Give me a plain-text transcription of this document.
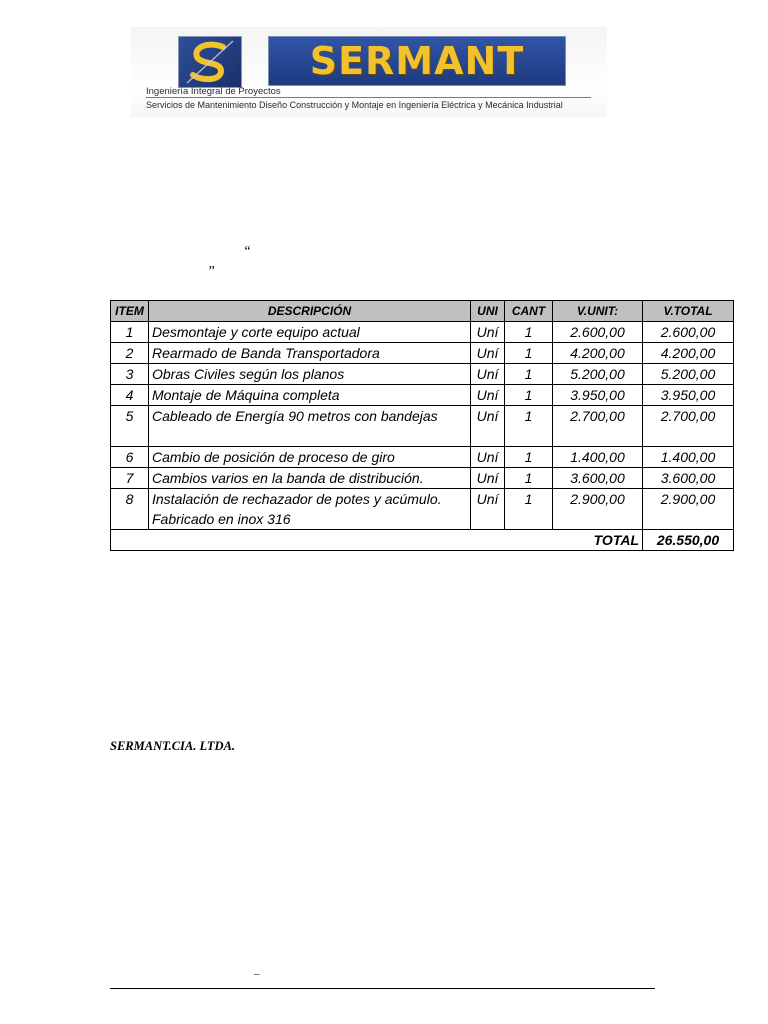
SERMANT
Ingeniería Integral de Proyectos
Servicios de Mantenimiento Diseño Construcción y Montaje en Ingeniería Eléctrica y Mecánica Industrial
“
”
ITEM	DESCRIPCIÓN	UNI	CANT	V.UNIT:	V.TOTAL
1	Desmontaje y corte equipo actual	Uní	1	2.600,00	2.600,00
2	Rearmado de Banda Transportadora	Uní	1	4.200,00	4.200,00
3	Obras Civiles según los planos	Uní	1	5.200,00	5.200,00
4	Montaje de Máquina completa	Uní	1	3.950,00	3.950,00
5	Cableado de Energía 90 metros con bandejas	Uní	1	2.700,00	2.700,00
6	Cambio de posición de proceso de giro	Uní	1	1.400,00	1.400,00
7	Cambios varios en la banda de distribución.	Uní	1	3.600,00	3.600,00
8	Instalación de rechazador de potes y acúmulo. Fabricado en inox 316	Uní	1	2.900,00	2.900,00
TOTAL					26.550,00
SERMANT.CIA. LTDA.
–
